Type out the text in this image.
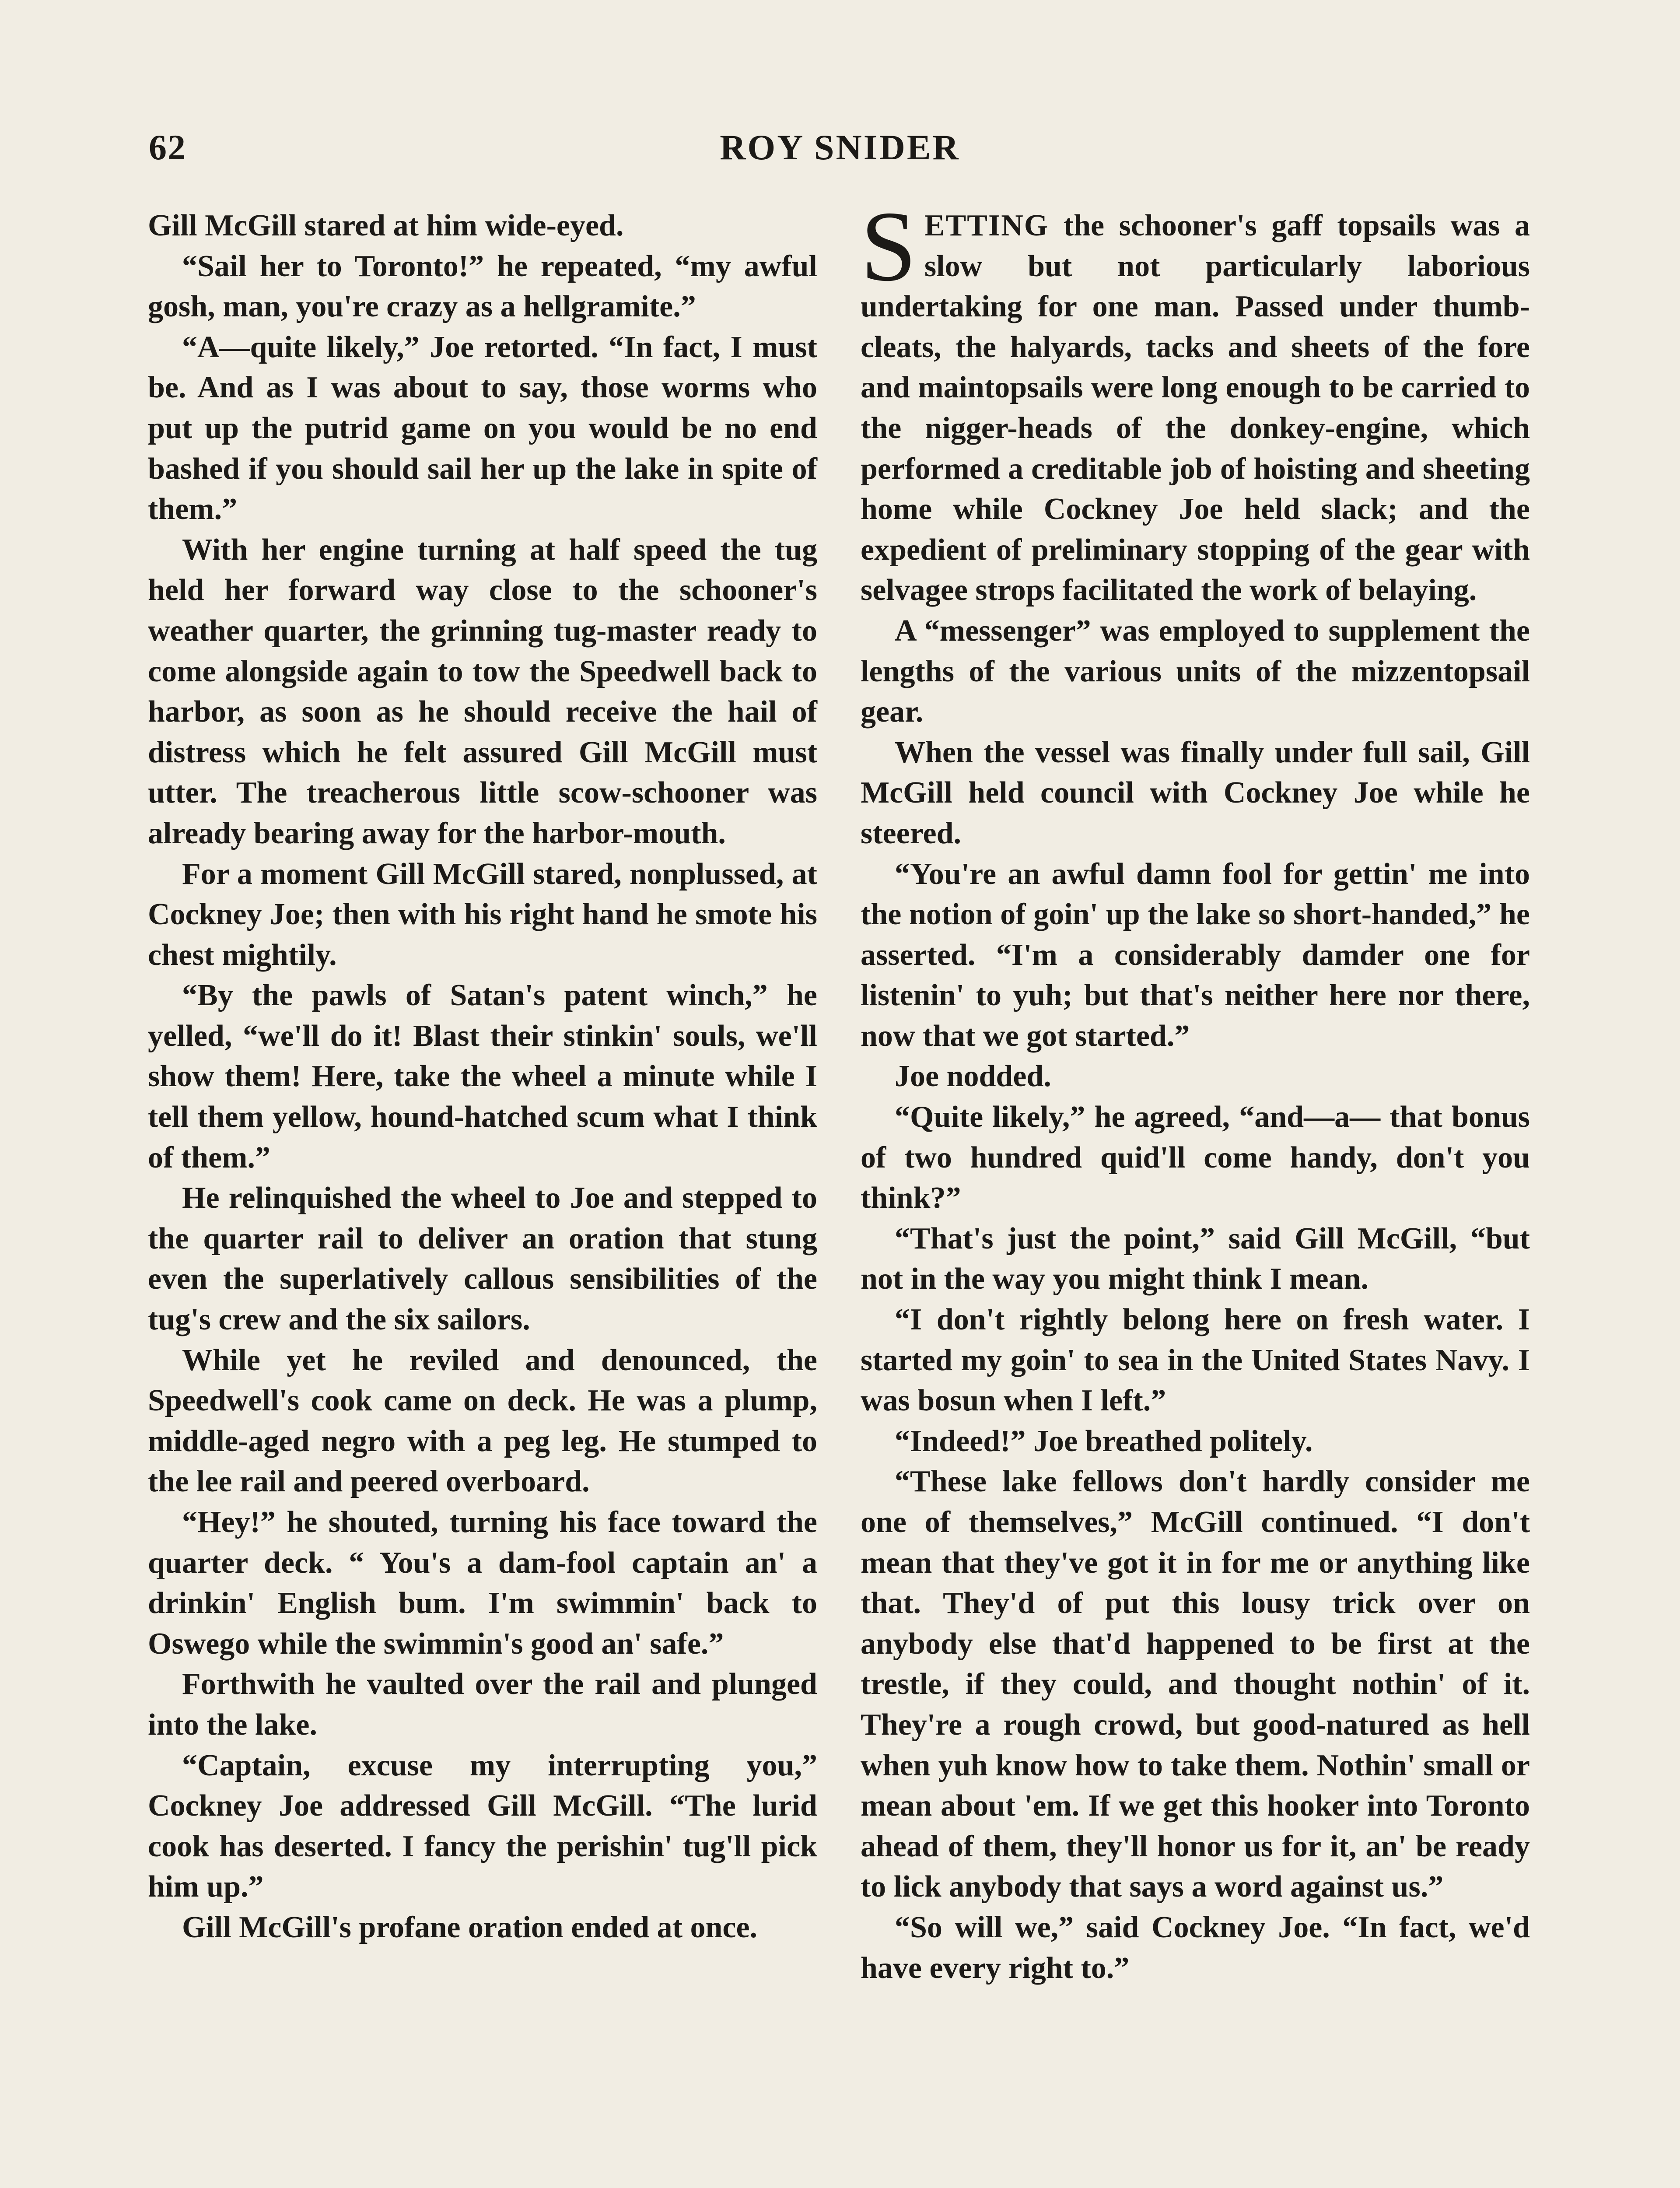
62	ROY SNIDER

Gill McGill stared at him wide-eyed.

“Sail her to Toronto!” he repeated, “my awful gosh, man, you're crazy as a hellgramite.”

“A—quite likely,” Joe retorted. “In fact, I must be. And as I was about to say, those worms who put up the putrid game on you would be no end bashed if you should sail her up the lake in spite of them.”

With her engine turning at half speed the tug held her forward way close to the schooner's weather quarter, the grinning tug-master ready to come alongside again to tow the Speedwell back to harbor, as soon as he should receive the hail of distress which he felt assured Gill McGill must utter. The treacherous little scow-schooner was already bearing away for the harbor-mouth.

For a moment Gill McGill stared, nonplussed, at Cockney Joe; then with his right hand he smote his chest mightily.

“By the pawls of Satan's patent winch,” he yelled, “we'll do it! Blast their stinkin' souls, we'll show them! Here, take the wheel a minute while I tell them yellow, hound-hatched scum what I think of them.”

He relinquished the wheel to Joe and stepped to the quarter rail to deliver an oration that stung even the superlatively callous sensibilities of the tug's crew and the six sailors.

While yet he reviled and denounced, the Speedwell's cook came on deck. He was a plump, middle-aged negro with a peg leg. He stumped to the lee rail and peered overboard.

“Hey!” he shouted, turning his face toward the quarter deck. “ You's a dam-fool captain an' a drinkin' English bum. I'm swimmin' back to Oswego while the swimmin's good an' safe.”

Forthwith he vaulted over the rail and plunged into the lake.

“Captain, excuse my interrupting you,” Cockney Joe addressed Gill McGill. “The lurid cook has deserted. I fancy the perishin' tug'll pick him up.”

Gill McGill's profane oration ended at once.

SETTING the schooner's gaff topsails was a slow but not particularly laborious undertaking for one man. Passed under thumb-cleats, the halyards, tacks and sheets of the fore and maintopsails were long enough to be carried to the nigger-heads of the donkey-engine, which performed a creditable job of hoisting and sheeting home while Cockney Joe held slack; and the expedient of preliminary stopping of the gear with selvagee strops facilitated the work of belaying.

A “messenger” was employed to supplement the lengths of the various units of the mizzentopsail gear.

When the vessel was finally under full sail, Gill McGill held council with Cockney Joe while he steered.

“You're an awful damn fool for gettin' me into the notion of goin' up the lake so short-handed,” he asserted. “I'm a considerably damder one for listenin' to yuh; but that's neither here nor there, now that we got started.”

Joe nodded.

“Quite likely,” he agreed, “and—a— that bonus of two hundred quid'll come handy, don't you think?”

“That's just the point,” said Gill McGill, “but not in the way you might think I mean.

“I don't rightly belong here on fresh water. I started my goin' to sea in the United States Navy. I was bosun when I left.”

“Indeed!” Joe breathed politely.

“These lake fellows don't hardly consider me one of themselves,” McGill continued. “I don't mean that they've got it in for me or anything like that. They'd of put this lousy trick over on anybody else that'd happened to be first at the trestle, if they could, and thought nothin' of it. They're a rough crowd, but good-natured as hell when yuh know how to take them. Nothin' small or mean about 'em. If we get this hooker into Toronto ahead of them, they'll honor us for it, an' be ready to lick anybody that says a word against us.”

“So will we,” said Cockney Joe. “In fact, we'd have every right to.”
